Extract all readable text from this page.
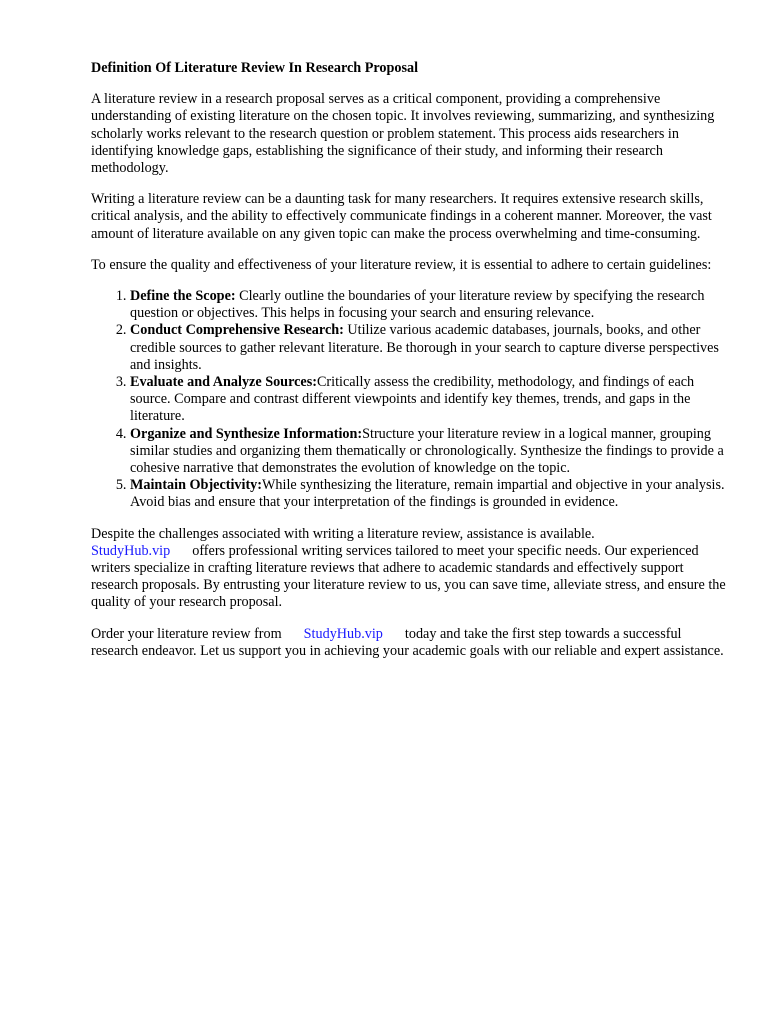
Definition Of Literature Review In Research Proposal

A literature review in a research proposal serves as a critical component, providing a comprehensive understanding of existing literature on the chosen topic. It involves reviewing, summarizing, and synthesizing scholarly works relevant to the research question or problem statement. This process aids researchers in identifying knowledge gaps, establishing the significance of their study, and informing their research methodology.

Writing a literature review can be a daunting task for many researchers. It requires extensive research skills, critical analysis, and the ability to effectively communicate findings in a coherent manner. Moreover, the vast amount of literature available on any given topic can make the process overwhelming and time-consuming.

To ensure the quality and effectiveness of your literature review, it is essential to adhere to certain guidelines:

1. Define the Scope: Clearly outline the boundaries of your literature review by specifying the research question or objectives. This helps in focusing your search and ensuring relevance.
2. Conduct Comprehensive Research: Utilize various academic databases, journals, books, and other credible sources to gather relevant literature. Be thorough in your search to capture diverse perspectives and insights.
3. Evaluate and Analyze Sources:Critically assess the credibility, methodology, and findings of each source. Compare and contrast different viewpoints and identify key themes, trends, and gaps in the literature.
4. Organize and Synthesize Information:Structure your literature review in a logical manner, grouping similar studies and organizing them thematically or chronologically. Synthesize the findings to provide a cohesive narrative that demonstrates the evolution of knowledge on the topic.
5. Maintain Objectivity:While synthesizing the literature, remain impartial and objective in your analysis. Avoid bias and ensure that your interpretation of the findings is grounded in evidence.

Despite the challenges associated with writing a literature review, assistance is available.
StudyHub.vip offers professional writing services tailored to meet your specific needs. Our experienced writers specialize in crafting literature reviews that adhere to academic standards and effectively support research proposals. By entrusting your literature review to us, you can save time, alleviate stress, and ensure the quality of your research proposal.

Order your literature review from StudyHub.vip today and take the first step towards a successful research endeavor. Let us support you in achieving your academic goals with our reliable and expert assistance.
